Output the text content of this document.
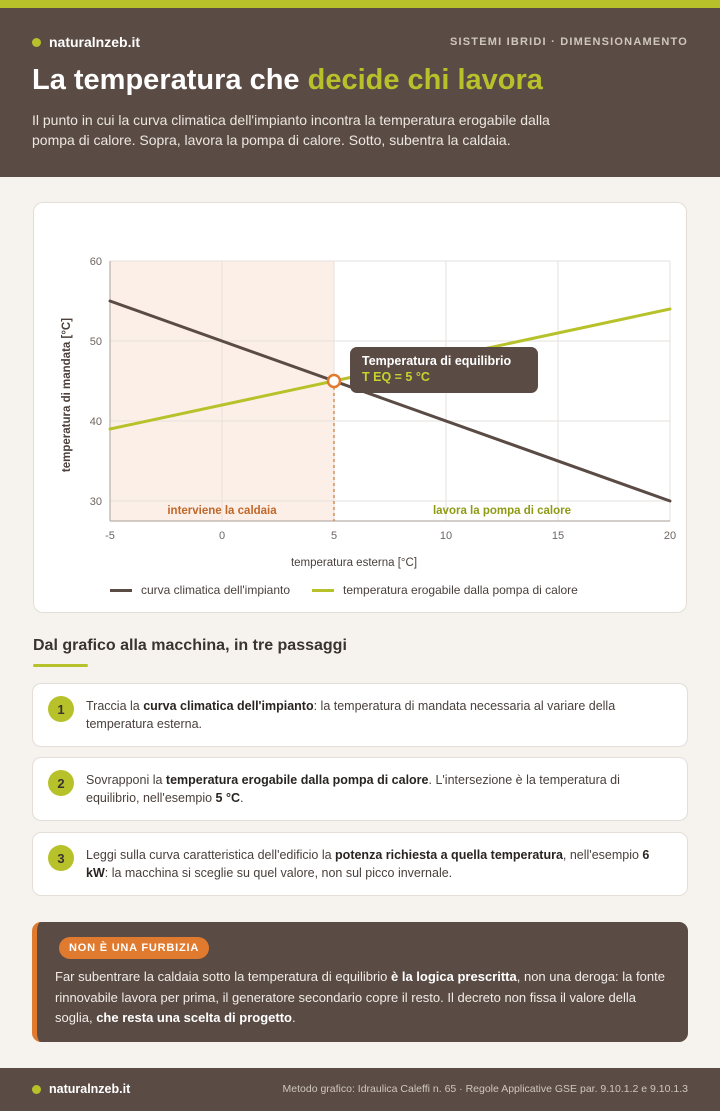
naturalnzeb.it	SISTEMI IBRIDI · DIMENSIONAMENTO
La temperatura che decide chi lavora
Il punto in cui la curva climatica dell'impianto incontra la temperatura erogabile dalla pompa di calore. Sopra, lavora la pompa di calore. Sotto, subentra la caldaia.
-5	0	5	10	15	20
30
40
50
60
temperatura esterna [°C]
temperatura di mandata [°C]
interviene la caldaia	lavora la pompa di calore
Temperatura di equilibrio
T EQ = 5 °C
curva climatica dell'impianto	temperatura erogabile dalla pompa di calore
Dal grafico alla macchina, in tre passaggi
1	Traccia la curva climatica dell'impianto: la temperatura di mandata necessaria al variare della temperatura esterna.
2	Sovrapponi la temperatura erogabile dalla pompa di calore. L'intersezione è la temperatura di equilibrio, nell'esempio 5 °C.
3	Leggi sulla curva caratteristica dell'edificio la potenza richiesta a quella temperatura, nell'esempio 6 kW: la macchina si sceglie su quel valore, non sul picco invernale.
NON È UNA FURBIZIA
Far subentrare la caldaia sotto la temperatura di equilibrio è la logica prescritta, non una deroga: la fonte rinnovabile lavora per prima, il generatore secondario copre il resto. Il decreto non fissa il valore della soglia, che resta una scelta di progetto.
naturalnzeb.it	Metodo grafico: Idraulica Caleffi n. 65 · Regole Applicative GSE par. 9.10.1.2 e 9.10.1.3
